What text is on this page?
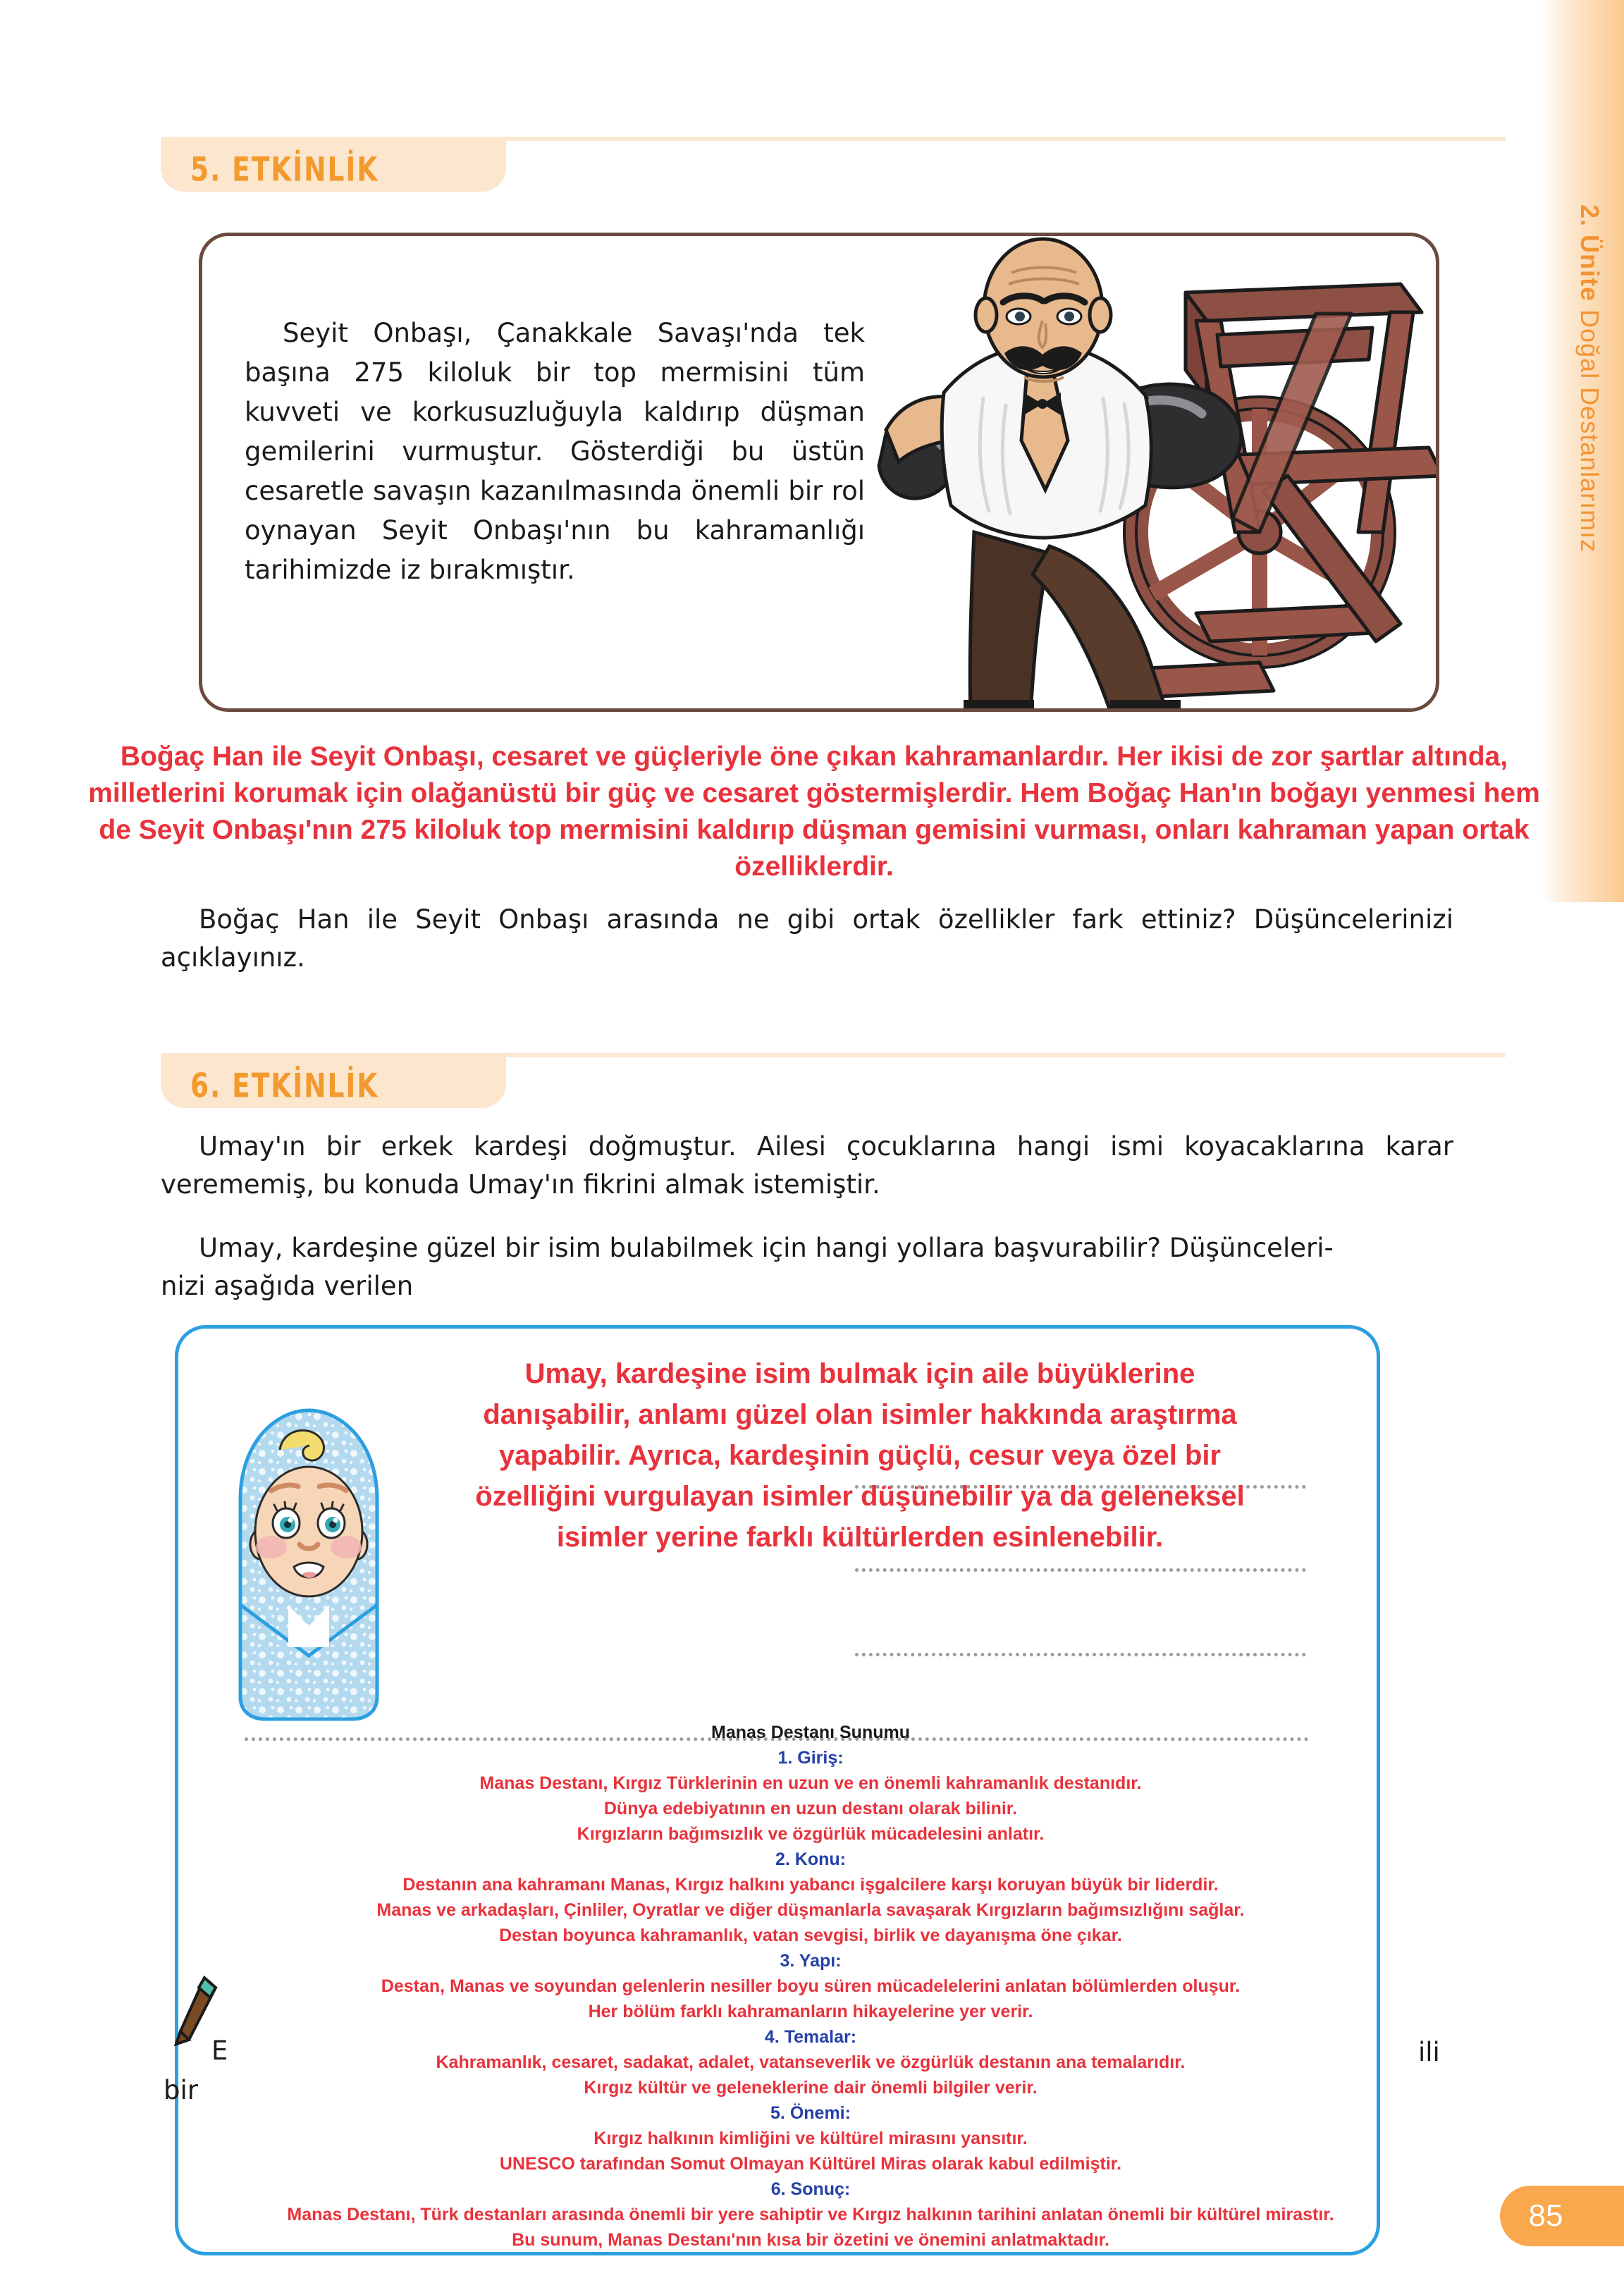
2. Ünite Doğal Destanlarımız
5. ETKİNLİK
Seyit Onbaşı, Çanakkale Savaşı'nda tek başına 275 kiloluk bir top mermisini tüm kuvveti ve korkusuzluğuyla kaldırıp düşman gemilerini vurmuştur. Gösterdiği bu üstün cesaretle savaşın kazanılmasında önemli bir rol oynayan Seyit Onbaşı'nın bu kahramanlığı tarihimizde iz bırakmıştır.
Boğaç Han ile Seyit Onbaşı, cesaret ve güçleriyle öne çıkan kahramanlardır. Her ikisi de zor şartlar altında, milletlerini korumak için olağanüstü bir güç ve cesaret göstermişlerdir. Hem Boğaç Han'ın boğayı yenmesi hem de Seyit Onbaşı'nın 275 kiloluk top mermisini kaldırıp düşman gemisini vurması, onları kahraman yapan ortak özelliklerdir.
Boğaç Han ile Seyit Onbaşı arasında ne gibi ortak özellikler fark ettiniz? Düşüncelerinizi açıklayınız.
6. ETKİNLİK
Umay'ın bir erkek kardeşi doğmuştur. Ailesi çocuklarına hangi ismi koyacaklarına karar verememiş, bu konuda Umay'ın fikrini almak istemiştir.
Umay, kardeşine güzel bir isim bulabilmek için hangi yollara başvurabilir? Düşünceleri-
nizi aşağıda verilen
Umay, kardeşine isim bulmak için aile büyüklerine danışabilir, anlamı güzel olan isimler hakkında araştırma yapabilir. Ayrıca, kardeşinin güçlü, cesur veya özel bir özelliğini vurgulayan isimler düşünebilir ya da geleneksel isimler yerine farklı kültürlerden esinlenebilir.
Manas Destanı Sunumu
1. Giriş:
Manas Destanı, Kırgız Türklerinin en uzun ve en önemli kahramanlık destanıdır.
Dünya edebiyatının en uzun destanı olarak bilinir.
Kırgızların bağımsızlık ve özgürlük mücadelesini anlatır.
2. Konu:
Destanın ana kahramanı Manas, Kırgız halkını yabancı işgalcilere karşı koruyan büyük bir liderdir.
Manas ve arkadaşları, Çinliler, Oyratlar ve diğer düşmanlarla savaşarak Kırgızların bağımsızlığını sağlar.
Destan boyunca kahramanlık, vatan sevgisi, birlik ve dayanışma öne çıkar.
3. Yapı:
Destan, Manas ve soyundan gelenlerin nesiller boyu süren mücadelelerini anlatan bölümlerden oluşur.
Her bölüm farklı kahramanların hikayelerine yer verir.
4. Temalar:
Kahramanlık, cesaret, sadakat, adalet, vatanseverlik ve özgürlük destanın ana temalarıdır.
Kırgız kültür ve geleneklerine dair önemli bilgiler verir.
5. Önemi:
Kırgız halkının kimliğini ve kültürel mirasını yansıtır.
UNESCO tarafından Somut Olmayan Kültürel Miras olarak kabul edilmiştir.
6. Sonuç:
Manas Destanı, Türk destanları arasında önemli bir yere sahiptir ve Kırgız halkının tarihini anlatan önemli bir kültürel mirastır.
Bu sunum, Manas Destanı'nın kısa bir özetini ve önemini anlatmaktadır.
E
bir
ili
85
